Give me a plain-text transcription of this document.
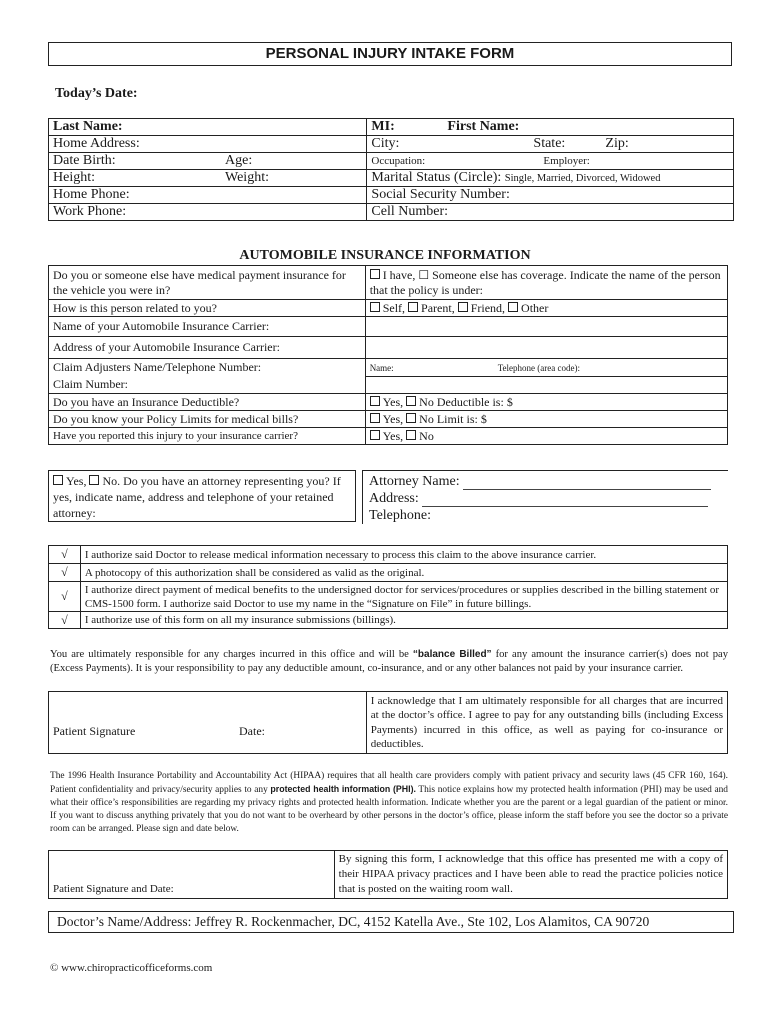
PERSONAL INJURY INTAKE FORM
Today’s Date:
Last Name:	MI: First Name:
Home Address:	City: State: Zip:
Date Birth: Age:	Occupation: Employer:
Height: Weight:	Marital Status (Circle): Single, Married, Divorced, Widowed
Home Phone:	Social Security Number:
Work Phone:	Cell Number:
AUTOMOBILE INSURANCE INFORMATION
Do you or someone else have medical payment insurance for the vehicle you were in?	I have, ☐ Someone else has coverage. Indicate the name of the person that the policy is under:
How is this person related to you?	Self, Parent, Friend, Other
Name of your Automobile Insurance Carrier:	
Address of your Automobile Insurance Carrier:	
Claim Adjusters Name/Telephone Number:	Name: Telephone (area code):
Claim Number:	
Do you have an Insurance Deductible?	Yes, No Deductible is: $
Do you know your Policy Limits for medical bills?	Yes, No Limit is: $
Have you reported this injury to your insurance carrier?	Yes, No
Yes, No. Do you have an attorney representing you? If yes, indicate name, address and telephone of your retained attorney:
Attorney Name:
Address:
Telephone:
√	I authorize said Doctor to release medical information necessary to process this claim to the above insurance carrier.
√	A photocopy of this authorization shall be considered as valid as the original.
√	I authorize direct payment of medical benefits to the undersigned doctor for services/procedures or supplies described in the billing statement or CMS-1500 form. I authorize said Doctor to use my name in the “Signature on File” in future billings.
√	I authorize use of this form on all my insurance submissions (billings).
You are ultimately responsible for any charges incurred in this office and will be “balance Billed” for any amount the insurance carrier(s) does not pay (Excess Payments). It is your responsibility to pay any deductible amount, co-insurance, and or any other balances not paid by your insurance carrier.
Patient Signature	Date:	I acknowledge that I am ultimately responsible for all charges that are incurred at the doctor’s office. I agree to pay for any outstanding bills (including Excess Payments) incurred in this office, as well as paying for co-insurance or deductibles.
The 1996 Health Insurance Portability and Accountability Act (HIPAA) requires that all health care providers comply with patient privacy and security laws (45 CFR 160, 164). Patient confidentiality and privacy/security applies to any protected health information (PHI). This notice explains how my protected health information (PHI) may be used and what their office’s responsibilities are regarding my privacy rights and protected health information. Indicate whether you are the parent or a legal guardian of the patient or minor. If you want to discuss anything privately that you do not want to be overheard by other persons in the doctor’s office, please inform the staff before you see the doctor so a private room can be arranged. Please sign and date below.
Patient Signature and Date:	By signing this form, I acknowledge that this office has presented me with a copy of their HIPAA privacy practices and I have been able to read the practice policies notice that is posted on the waiting room wall.
Doctor’s Name/Address: Jeffrey R. Rockenmacher, DC, 4152 Katella Ave., Ste 102, Los Alamitos, CA 90720
© www.chiropracticofficeforms.com
